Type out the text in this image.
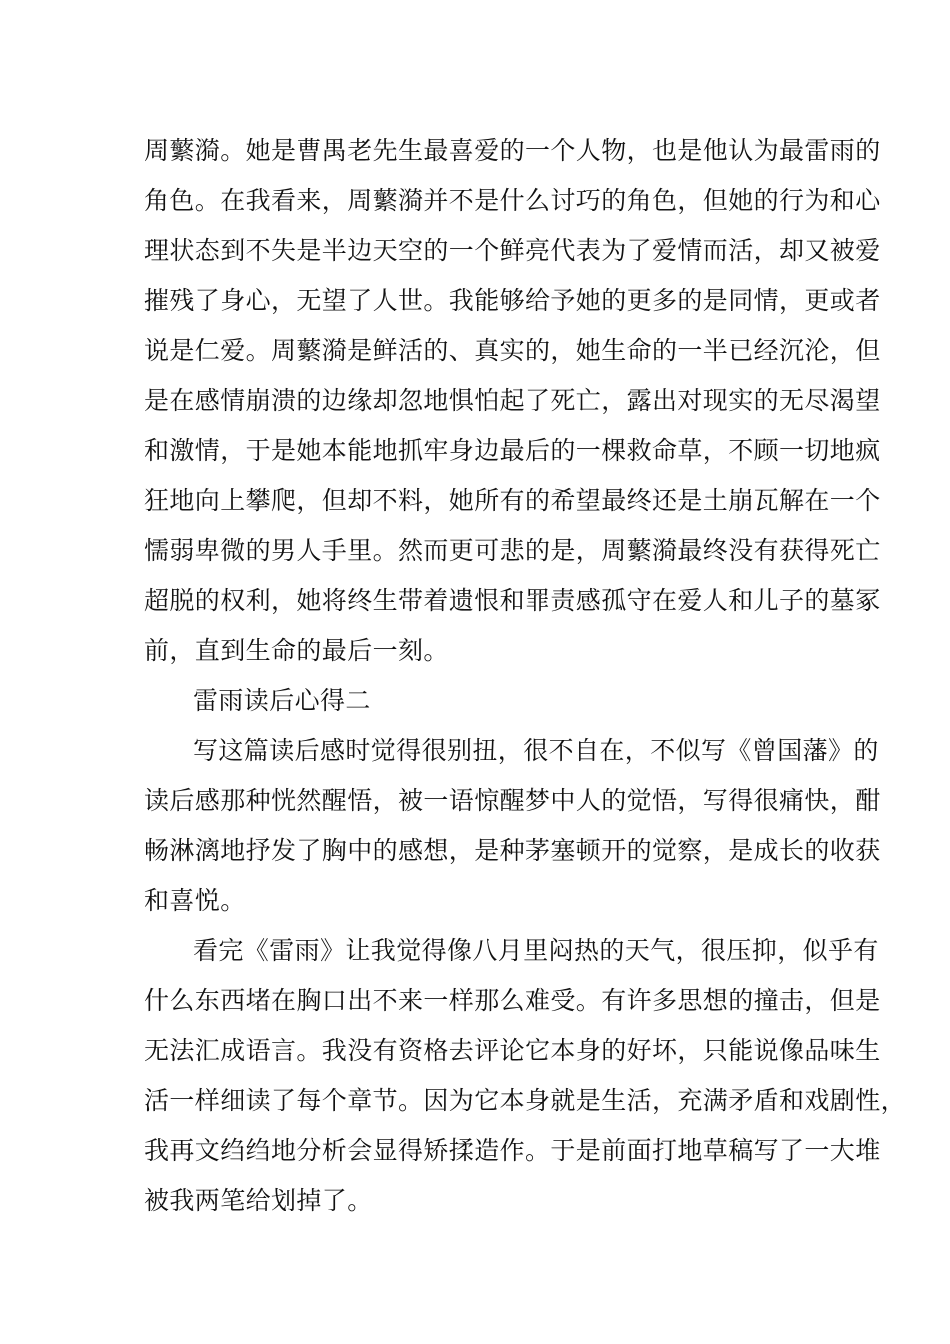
周蘩漪。她是曹禺老先生最喜爱的一个人物，也是他认为最雷雨的
角色。在我看来，周蘩漪并不是什么讨巧的角色，但她的行为和心
理状态到不失是半边天空的一个鲜亮代表为了爱情而活，却又被爱
摧残了身心，无望了人世。我能够给予她的更多的是同情，更或者
说是仁爱。周蘩漪是鲜活的、真实的，她生命的一半已经沉沦，但
是在感情崩溃的边缘却忽地惧怕起了死亡，露出对现实的无尽渴望
和激情，于是她本能地抓牢身边最后的一棵救命草，不顾一切地疯
狂地向上攀爬，但却不料，她所有的希望最终还是土崩瓦解在一个
懦弱卑微的男人手里。然而更可悲的是，周蘩漪最终没有获得死亡
超脱的权利，她将终生带着遗恨和罪责感孤守在爱人和儿子的墓冢
前，直到生命的最后一刻。
雷雨读后心得二
写这篇读后感时觉得很别扭，很不自在，不似写《曾国藩》的
读后感那种恍然醒悟，被一语惊醒梦中人的觉悟，写得很痛快，酣
畅淋漓地抒发了胸中的感想，是种茅塞顿开的觉察，是成长的收获
和喜悦。
看完《雷雨》让我觉得像八月里闷热的天气，很压抑，似乎有
什么东西堵在胸口出不来一样那么难受。有许多思想的撞击，但是
无法汇成语言。我没有资格去评论它本身的好坏，只能说像品味生
活一样细读了每个章节。因为它本身就是生活，充满矛盾和戏剧性，
我再文绉绉地分析会显得矫揉造作。于是前面打地草稿写了一大堆
被我两笔给划掉了。
